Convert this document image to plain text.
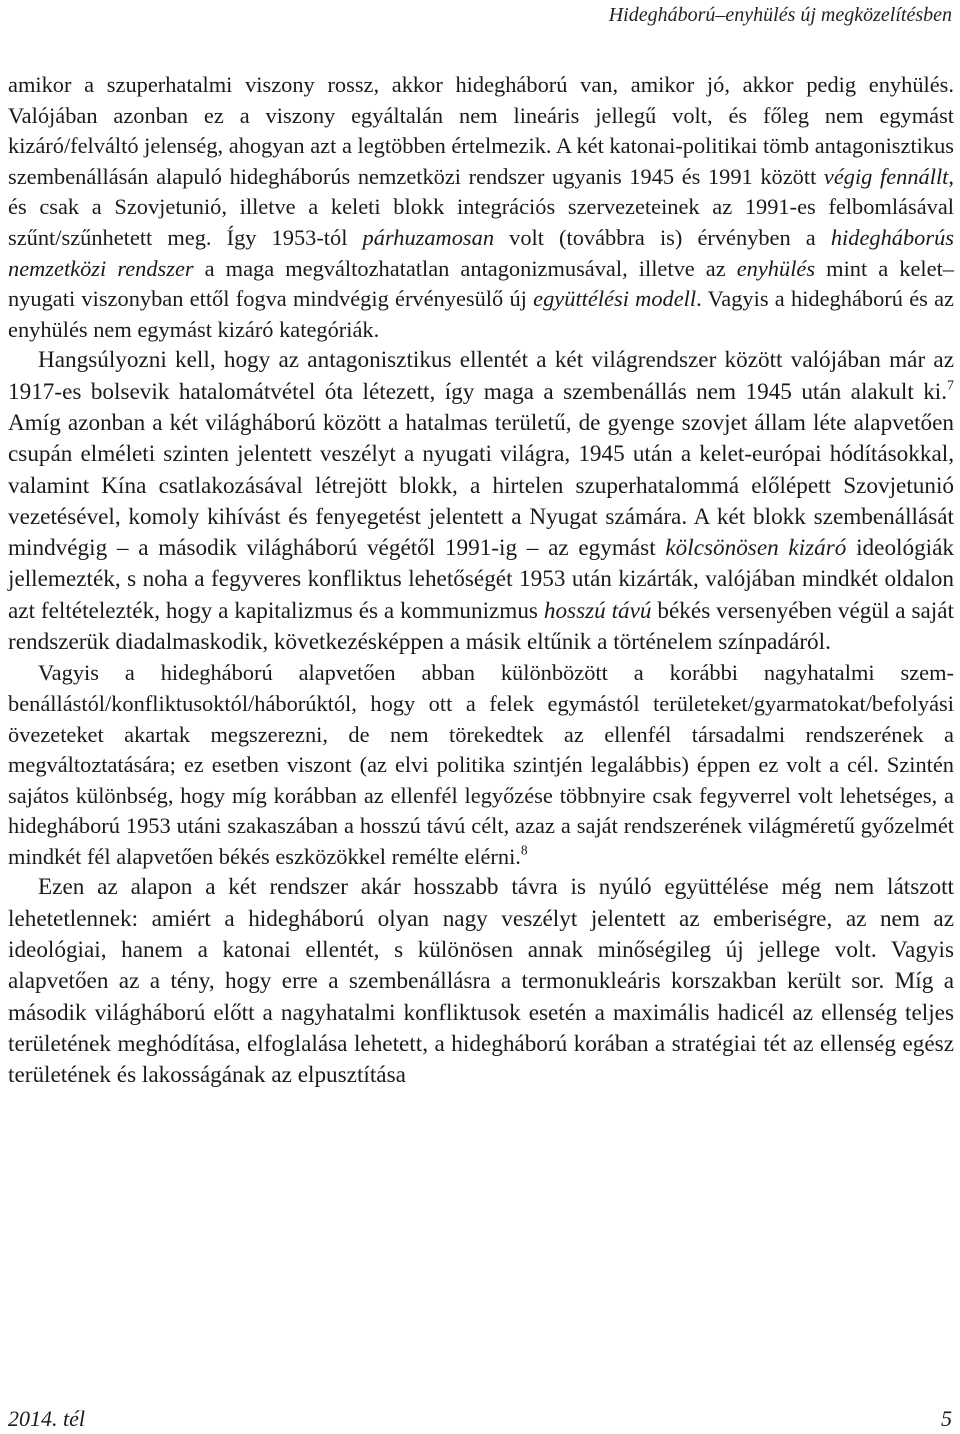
Hidegháború–enyhülés új megközelítésben

amikor a szuperhatalmi viszony rossz, akkor hidegháború van, amikor jó, akkor pedig enyhülés. Valójában azonban ez a viszony egyáltalán nem lineáris jellegű volt, és főleg nem egymást kizáró/felváltó jelenség, ahogyan azt a legtöbben értelmezik. A két katonai-politikai tömb antagonisztikus szembenállásán alapuló hidegháborús nemzetközi rendszer ugyanis 1945 és 1991 között végig fennállt, és csak a Szovjetunió, illetve a keleti blokk integrációs szervezeteinek az 1991-es felbomlásával szűnt/szűnhetett meg. Így 1953-tól párhuzamosan volt (továbbra is) érvényben a hidegháborús nemzetközi rendszer a maga megváltozhatatlan antagonizmusával, illetve az enyhülés mint a kelet–nyugati viszonyban ettől fogva mindvégig érvényesülő új együttélési modell. Vagyis a hidegháború és az enyhülés nem egymást kizáró kategóriák.

Hangsúlyozni kell, hogy az antagonisztikus ellentét a két világrendszer között valójában már az 1917-es bolsevik hatalomátvétel óta létezett, így maga a szembenállás nem 1945 után alakult ki.$^7$ Amíg azonban a két világháború között a hatalmas területű, de gyenge szovjet állam léte alapvetően csupán elméleti szinten jelentett veszélyt a nyugati világra, 1945 után a kelet-európai hódításokkal, valamint Kína csatlakozásával létrejött blokk, a hirtelen szuperhatalommá előlépett Szovjetunió vezetésével, komoly kihívást és fenyegetést jelentett a Nyugat számára. A két blokk szembenállását mindvégig – a második világháború végétől 1991-ig – az egymást kölcsönösen kizáró ideológiák jellemezték, s noha a fegyveres konfliktus lehetőségét 1953 után kizárták, valójában mindkét oldalon azt feltételezték, hogy a kapitalizmus és a kommunizmus hosszú távú békés versenyében végül a saját rendszerük diadalmaskodik, következésképpen a másik eltűnik a történelem színpadáról.

Vagyis a hidegháború alapvetően abban különbözött a korábbi nagyhatalmi szembenállástól/konfliktusoktól/háborúktól, hogy ott a felek egymástól területeket/gyarmatokat/befolyási övezeteket akartak megszerezni, de nem törekedtek az ellenfél társadalmi rendszerének a megváltoztatására; ez esetben viszont (az elvi politika szintjén legalábbis) éppen ez volt a cél. Szintén sajátos különbség, hogy míg korábban az ellenfél legyőzése többnyire csak fegyverrel volt lehetséges, a hidegháború 1953 utáni szakaszában a hosszú távú célt, azaz a saját rendszerének világméretű győzelmét mindkét fél alapvetően békés eszközökkel remélte elérni.$^8$

Ezen az alapon a két rendszer akár hosszabb távra is nyúló együttélése még nem látszott lehetetlennek: amiért a hidegháború olyan nagy veszélyt jelentett az emberiségre, az nem az ideológiai, hanem a katonai ellentét, s különösen annak minőségileg új jellege volt. Vagyis alapvetően az a tény, hogy erre a szembenállásra a termonukleáris korszakban került sor. Míg a második világháború előtt a nagyhatalmi konfliktusok esetén a maximális hadicél az ellenség teljes területének meghódítása, elfoglalása lehetett, a hidegháború korában a stratégiai tét az ellenség egész területének és lakosságának az elpusztítása

2014. tél	5
